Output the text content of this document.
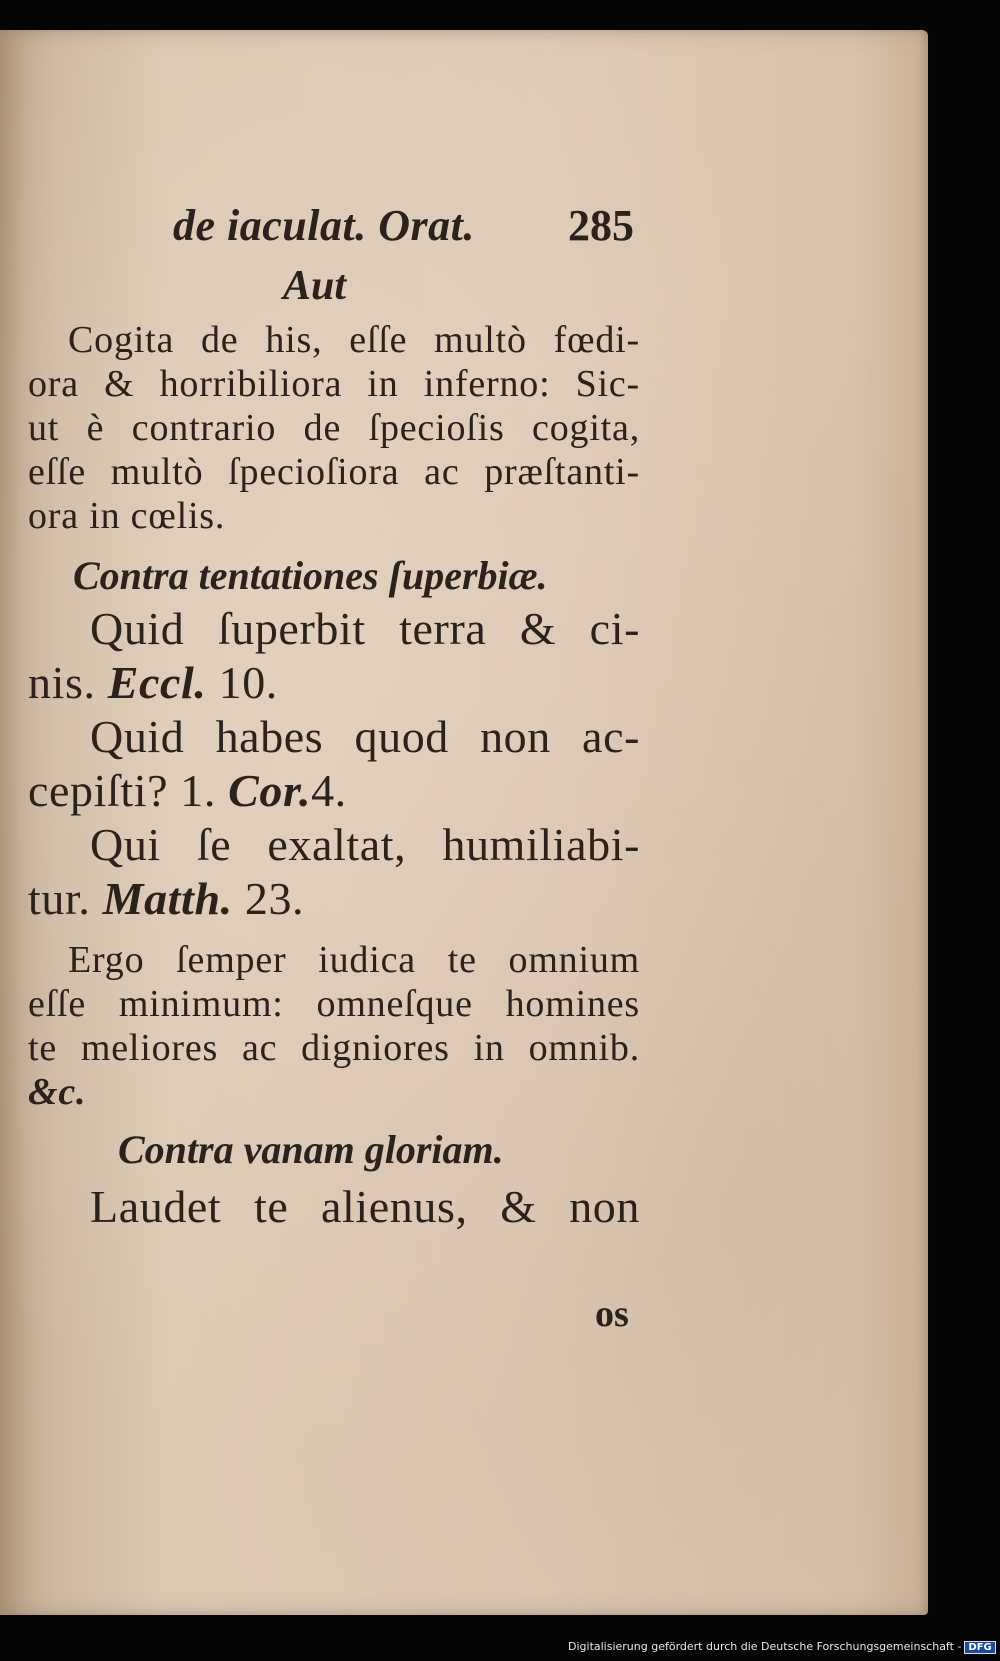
de iaculat. Orat. 285
Aut
Cogita de his, eſſe multò fœdi-
ora & horribiliora in inferno: Sic-
ut è contrario de ſpecioſis cogita,
eſſe multò ſpecioſiora ac præſtanti-
ora in cœlis.
Contra tentationes ſuperbiæ.
Quid ſuperbit terra & ci-
nis. Eccl. 10.
Quid habes quod non ac-
cepiſti? 1. Cor.4.
Qui ſe exaltat, humiliabi-
tur. Matth. 23.
Ergo ſemper iudica te omnium
eſſe minimum: omneſque homines
te meliores ac digniores in omnib.
&c.
Contra vanam gloriam.
Laudet te alienus, & non
os
Digitalisierung gefördert durch die Deutsche Forschungsgemeinschaft - DFG
